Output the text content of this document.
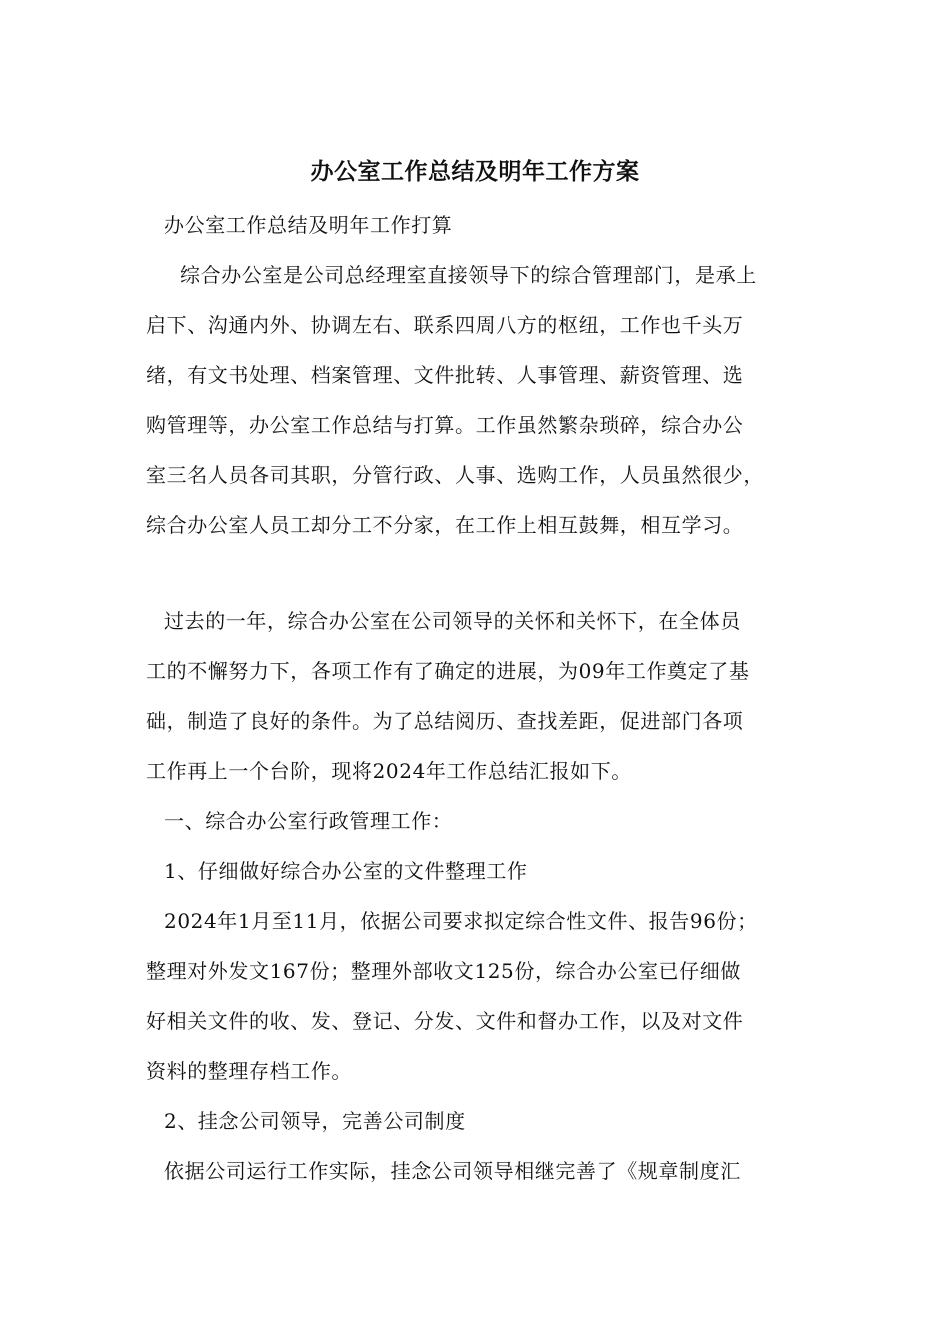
办公室工作总结及明年工作方案
办公室工作总结及明年工作打算
综合办公室是公司总经理室直接领导下的综合管理部门，是承上
启下、沟通内外、协调左右、联系四周八方的枢纽，工作也千头万
绪，有文书处理、档案管理、文件批转、人事管理、薪资管理、选
购管理等，办公室工作总结与打算。工作虽然繁杂琐碎，综合办公
室三名人员各司其职，分管行政、人事、选购工作，人员虽然很少，
综合办公室人员工却分工不分家，在工作上相互鼓舞，相互学习。
过去的一年，综合办公室在公司领导的关怀和关怀下，在全体员
工的不懈努力下，各项工作有了确定的进展，为09年工作奠定了基
础，制造了良好的条件。为了总结阅历、查找差距，促进部门各项
工作再上一个台阶，现将2024年工作总结汇报如下。
一、综合办公室行政管理工作：
1、仔细做好综合办公室的文件整理工作
2024年1月至11月，依据公司要求拟定综合性文件、报告96份；
整理对外发文167份；整理外部收文125份，综合办公室已仔细做
好相关文件的收、发、登记、分发、文件和督办工作，以及对文件
资料的整理存档工作。
2、挂念公司领导，完善公司制度
依据公司运行工作实际，挂念公司领导相继完善了《规章制度汇
